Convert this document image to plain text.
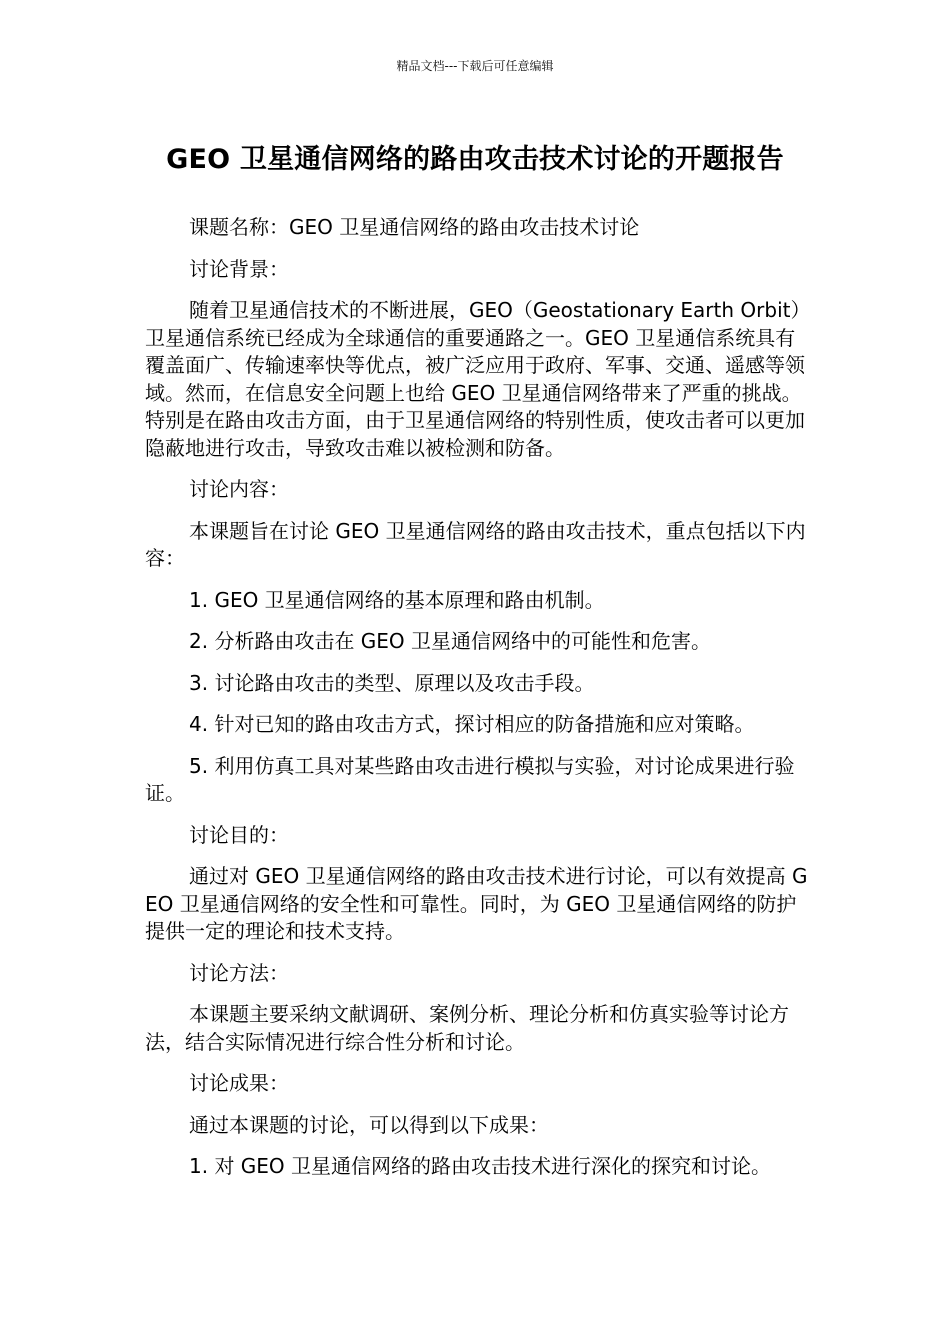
精品文档---下载后可任意编辑
GEO 卫星通信网络的路由攻击技术讨论的开题报告

课题名称：GEO 卫星通信网络的路由攻击技术讨论

讨论背景：

随着卫星通信技术的不断进展，GEO（Geostationary Earth Orbit）卫星通信系统已经成为全球通信的重要通路之一。GEO 卫星通信系统具有覆盖面广、传输速率快等优点，被广泛应用于政府、军事、交通、遥感等领域。然而，在信息安全问题上也给 GEO 卫星通信网络带来了严重的挑战。特别是在路由攻击方面，由于卫星通信网络的特别性质，使攻击者可以更加隐蔽地进行攻击，导致攻击难以被检测和防备。

讨论内容：

本课题旨在讨论 GEO 卫星通信网络的路由攻击技术，重点包括以下内容：

1. GEO 卫星通信网络的基本原理和路由机制。

2. 分析路由攻击在 GEO 卫星通信网络中的可能性和危害。

3. 讨论路由攻击的类型、原理以及攻击手段。

4. 针对已知的路由攻击方式，探讨相应的防备措施和应对策略。

5. 利用仿真工具对某些路由攻击进行模拟与实验，对讨论成果进行验证。

讨论目的：

通过对 GEO 卫星通信网络的路由攻击技术进行讨论，可以有效提高 GEO 卫星通信网络的安全性和可靠性。同时，为 GEO 卫星通信网络的防护提供一定的理论和技术支持。

讨论方法：

本课题主要采纳文献调研、案例分析、理论分析和仿真实验等讨论方法，结合实际情况进行综合性分析和讨论。

讨论成果：

通过本课题的讨论，可以得到以下成果：

1. 对 GEO 卫星通信网络的路由攻击技术进行深化的探究和讨论。
